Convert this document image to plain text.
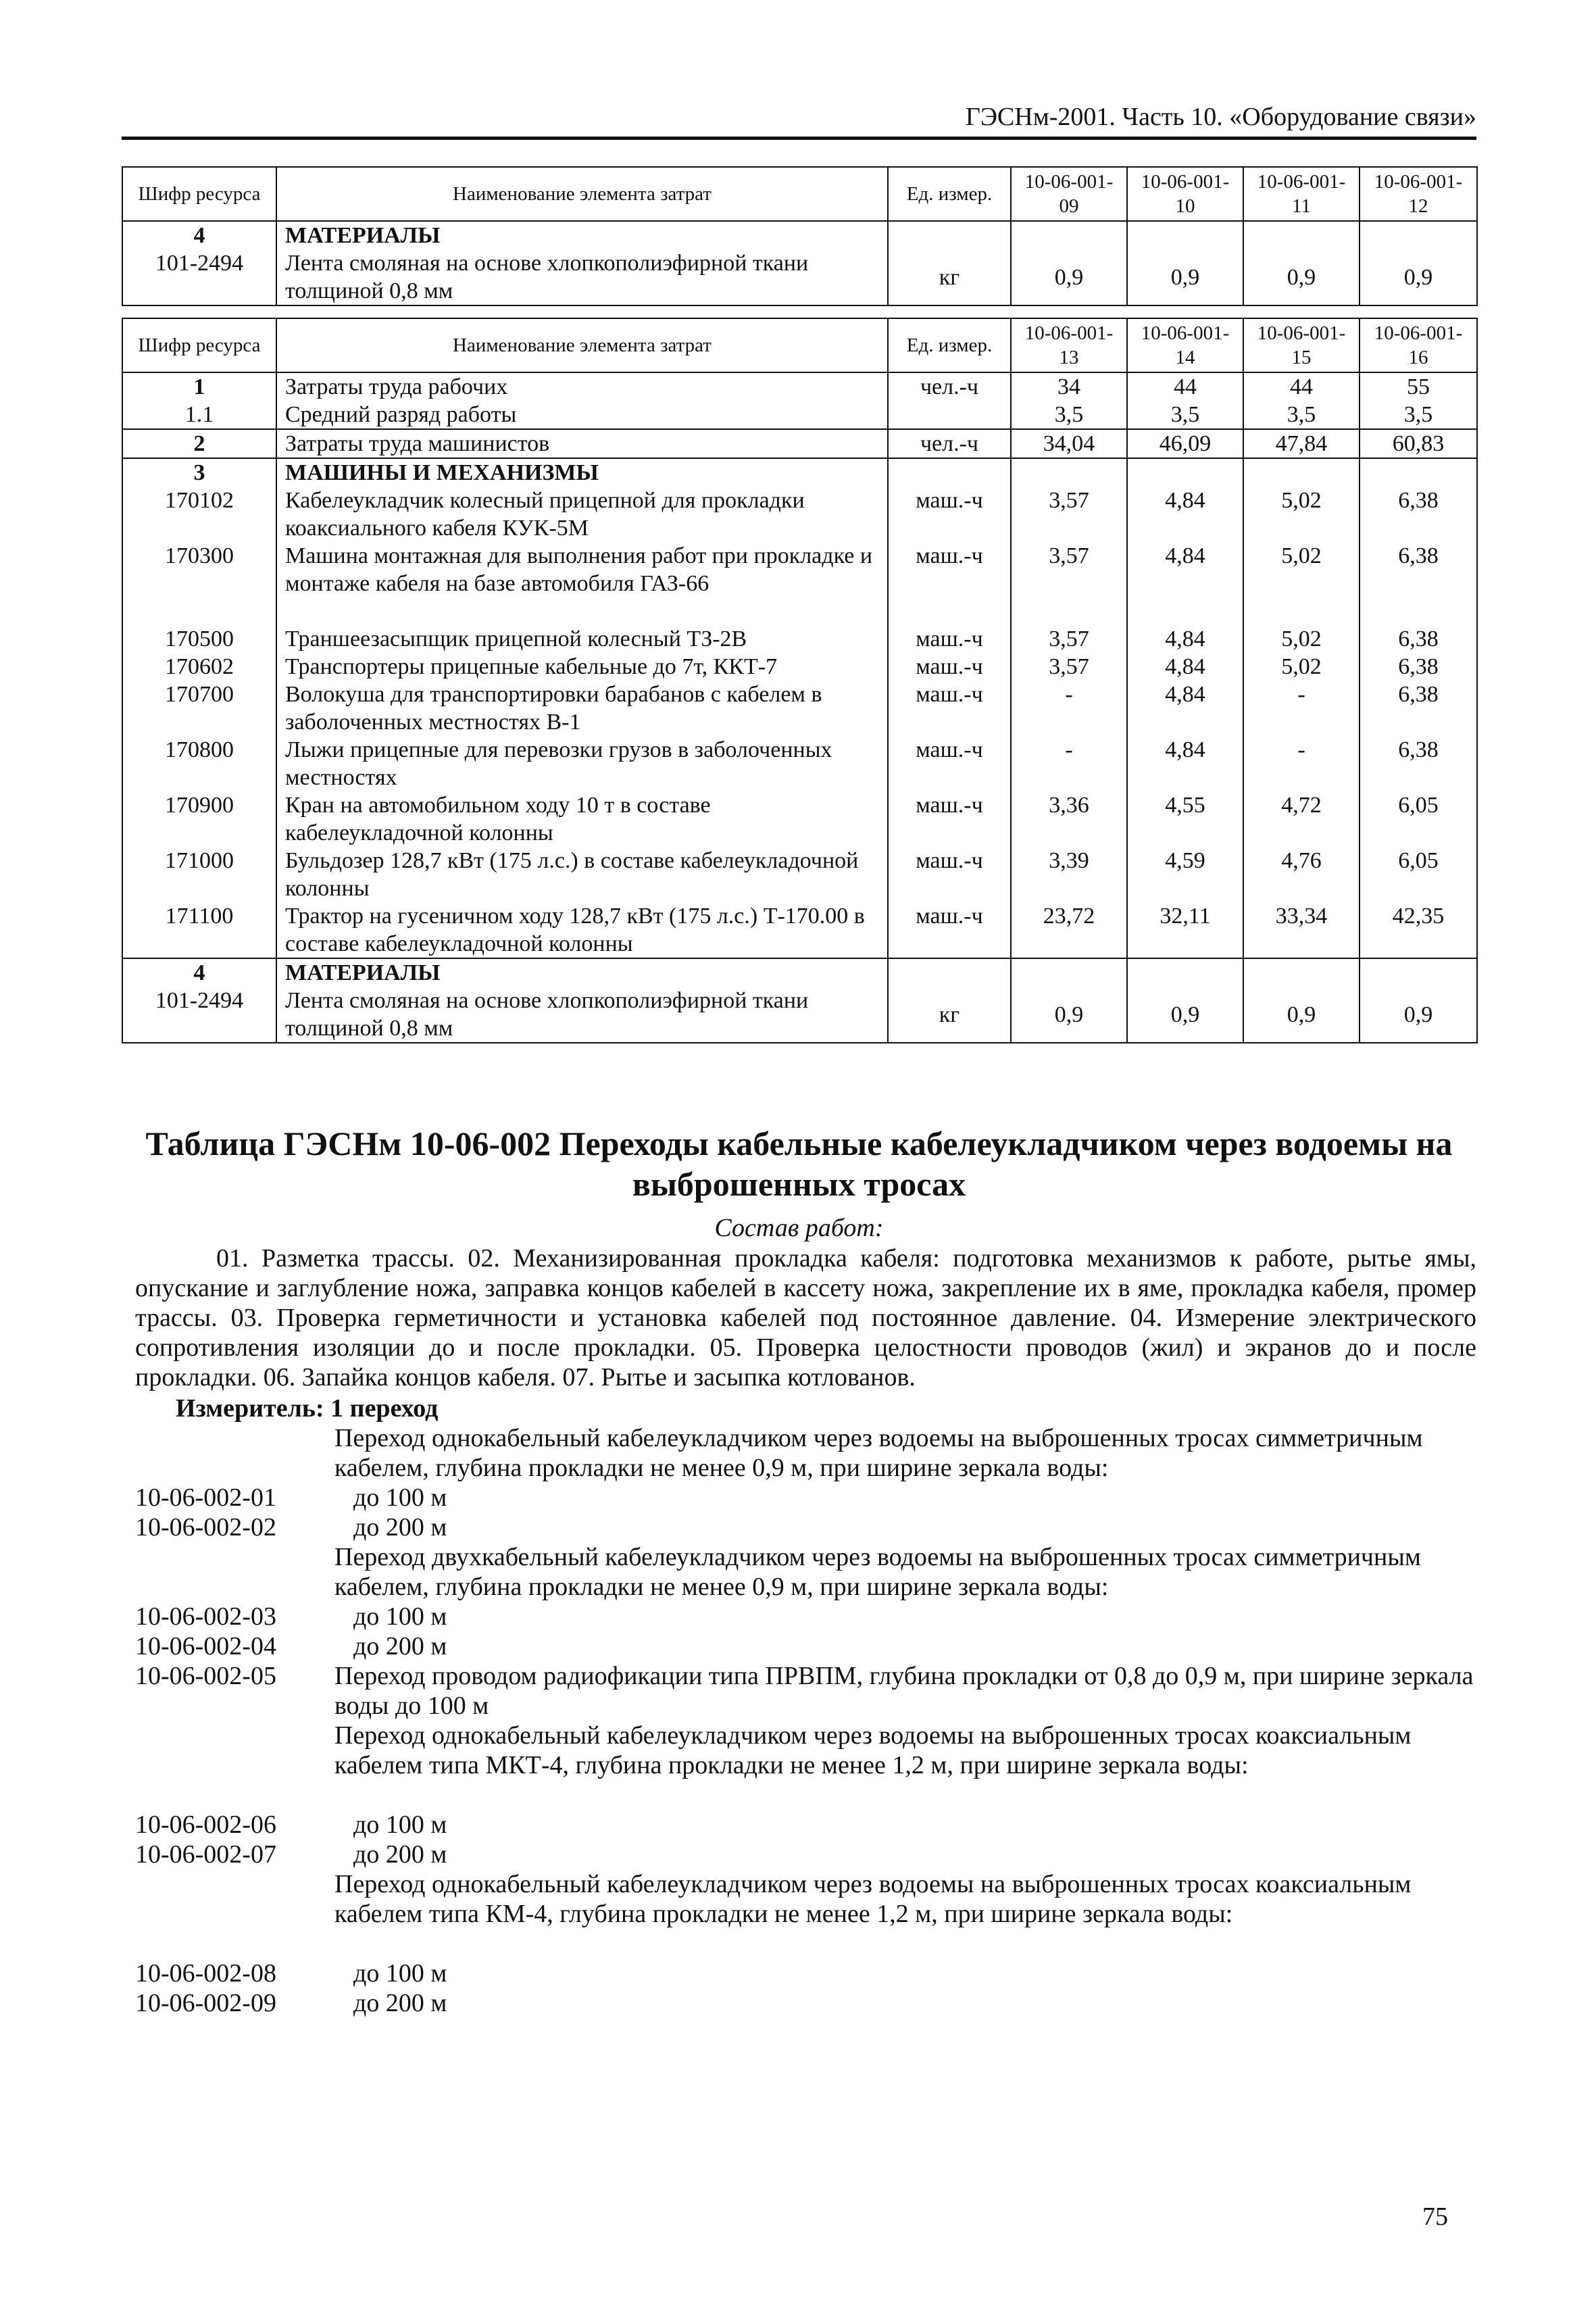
ГЭСНм-2001. Часть 10. «Оборудование связи»
Шифр ресурса	Наименование элемента затрат	Ед. измер.	10-06-001-09	10-06-001-10	10-06-001-11	10-06-001-12
4	МАТЕРИАЛЫ					
101-2494	Лента смоляная на основе хлопкополиэфирной ткани толщиной 0,8 мм	кг	0,9	0,9	0,9	0,9
Шифр ресурса	Наименование элемента затрат	Ед. измер.	10-06-001-13	10-06-001-14	10-06-001-15	10-06-001-16
1	Затраты труда рабочих	чел.-ч	34	44	44	55
1.1	Средний разряд работы		3,5	3,5	3,5	3,5
2	Затраты труда машинистов	чел.-ч	34,04	46,09	47,84	60,83
3	МАШИНЫ И МЕХАНИЗМЫ					
170102	Кабелеукладчик колесный прицепной для прокладки коаксиального кабеля КУК-5М	маш.-ч	3,57	4,84	5,02	6,38
170300	Машина монтажная для выполнения работ при прокладке и монтаже кабеля на базе автомобиля ГАЗ-66	маш.-ч	3,57	4,84	5,02	6,38
170500	Траншеезасыпщик прицепной колесный ТЗ-2В	маш.-ч	3,57	4,84	5,02	6,38
170602	Транспортеры прицепные кабельные до 7т, ККТ-7	маш.-ч	3,57	4,84	5,02	6,38
170700	Волокуша для транспортировки барабанов с кабелем в заболоченных местностях В-1	маш.-ч	-	4,84	-	6,38
170800	Лыжи прицепные для перевозки грузов в заболоченных местностях	маш.-ч	-	4,84	-	6,38
170900	Кран на автомобильном ходу 10 т в составе кабелеукладочной колонны	маш.-ч	3,36	4,55	4,72	6,05
171000	Бульдозер 128,7 кВт (175 л.с.) в составе кабелеукладочной колонны	маш.-ч	3,39	4,59	4,76	6,05
171100	Трактор на гусеничном ходу 128,7 кВт (175 л.с.) Т-170.00 в составе кабелеукладочной колонны	маш.-ч	23,72	32,11	33,34	42,35
4	МАТЕРИАЛЫ					
101-2494	Лента смоляная на основе хлопкополиэфирной ткани толщиной 0,8 мм	кг	0,9	0,9	0,9	0,9
Таблица ГЭСНм 10-06-002 Переходы кабельные кабелеукладчиком через водоемы на выброшенных тросах
Состав работ:

01. Разметка трассы. 02. Механизированная прокладка кабеля: подготовка механизмов к работе, рытье ямы, опускание и заглубление ножа, заправка концов кабелей в кассету ножа, закрепление их в яме, прокладка кабеля, промер трассы. 03. Проверка герметичности и установка кабелей под постоянное давление. 04. Измерение электрического сопротивления изоляции до и после прокладки. 05. Проверка целостности проводов (жил) и экранов до и после прокладки. 06. Запайка концов кабеля. 07. Рытье и засыпка котлованов.

Измеритель: 1 переход
Переход однокабельный кабелеукладчиком через водоемы на выброшенных тросах симметричным кабелем, глубина прокладки не менее 0,9 м, при ширине зеркала воды:
10-06-002-01	до 100 м
10-06-002-02	до 200 м
Переход двухкабельный кабелеукладчиком через водоемы на выброшенных тросах симметричным кабелем, глубина прокладки не менее 0,9 м, при ширине зеркала воды:
10-06-002-03	до 100 м
10-06-002-04	до 200 м
10-06-002-05	Переход проводом радиофикации типа ПРВПМ, глубина прокладки от 0,8 до 0,9 м, при ширине зеркала воды до 100 м
Переход однокабельный кабелеукладчиком через водоемы на выброшенных тросах коаксиальным кабелем типа МКТ-4, глубина прокладки не менее 1,2 м, при ширине зеркала воды:
10-06-002-06	до 100 м
10-06-002-07	до 200 м
Переход однокабельный кабелеукладчиком через водоемы на выброшенных тросах коаксиальным кабелем типа КМ-4, глубина прокладки не менее 1,2 м, при ширине зеркала воды:
10-06-002-08	до 100 м
10-06-002-09	до 200 м
75
